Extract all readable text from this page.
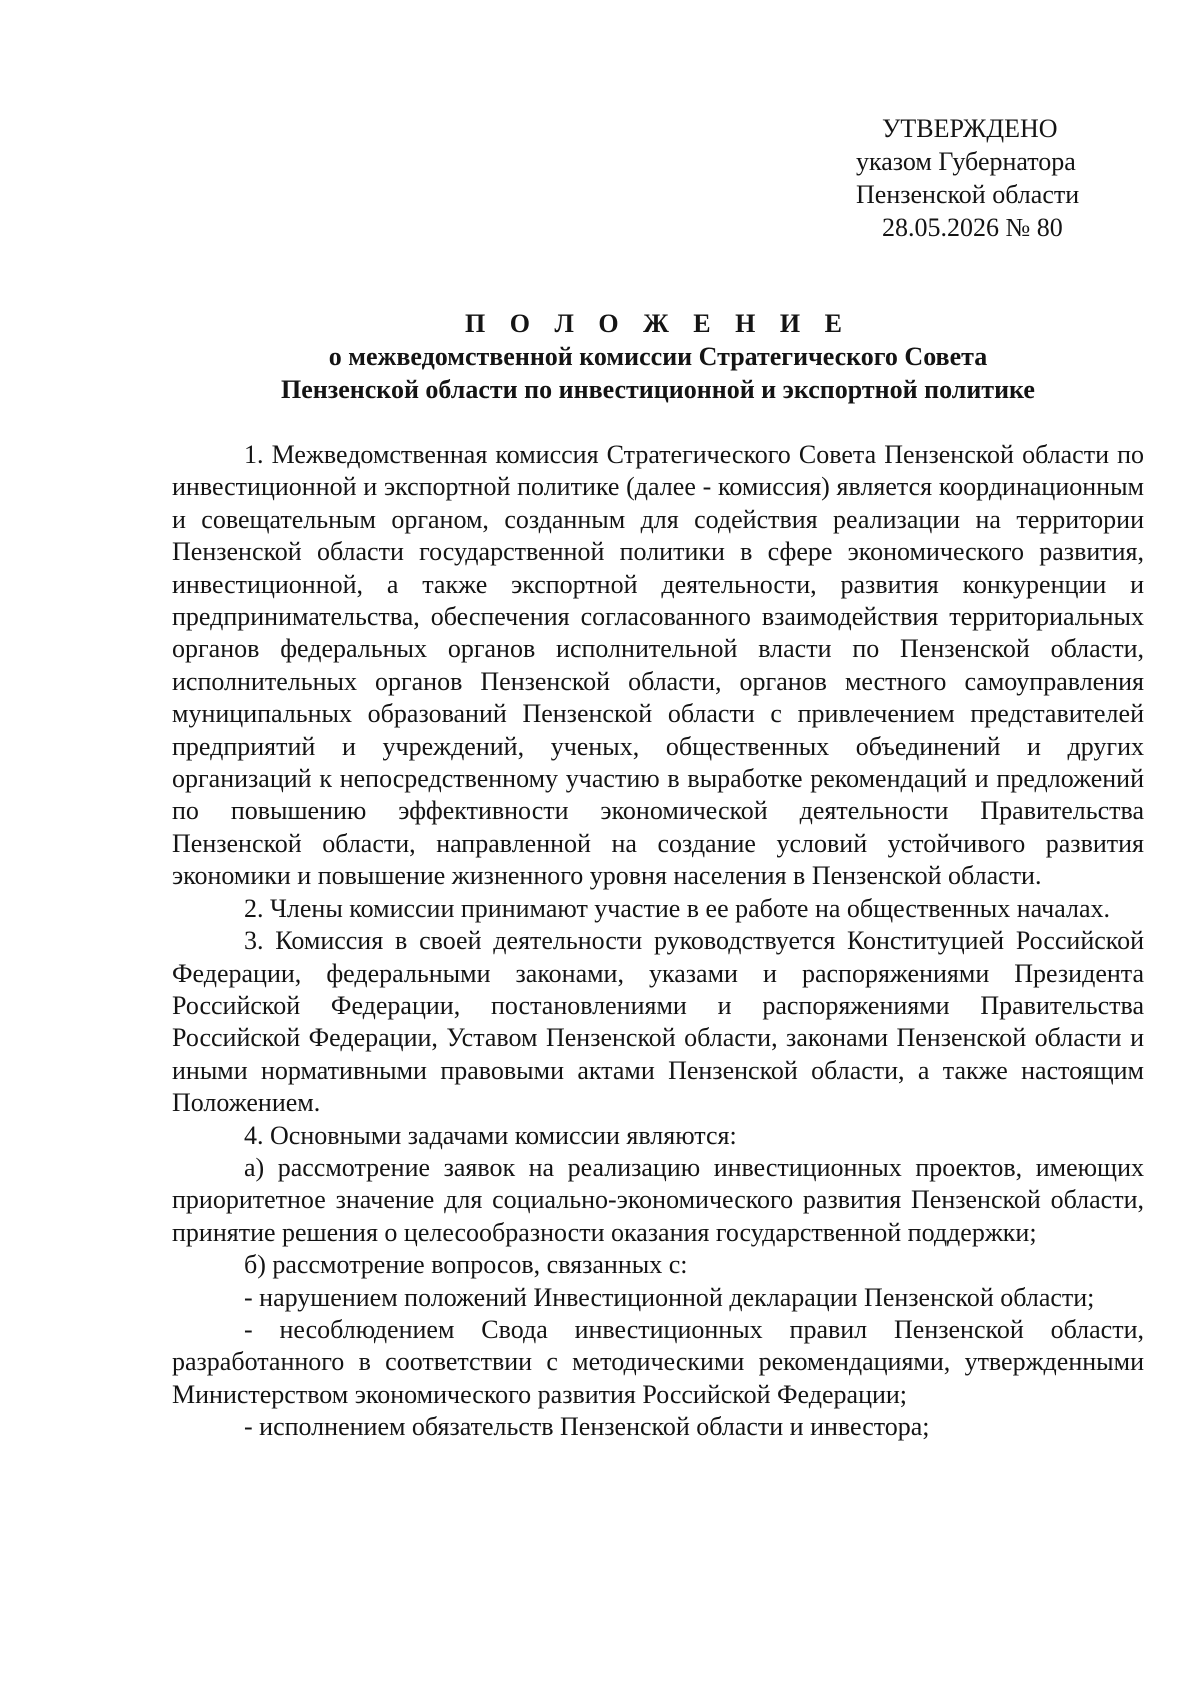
УТВЕРЖДЕНО
указом Губернатора
Пензенской области
28.05.2026 № 80
П О Л О Ж Е Н И Е
о межведомственной комиссии Стратегического Совета
Пензенской области по инвестиционной и экспортной политике

1. Межведомственная комиссия Стратегического Совета Пензенской области по инвестиционной и экспортной политике (далее - комиссия) является координационным и совещательным органом, созданным для содействия реализации на территории Пензенской области государственной политики в сфере экономического развития, инвестиционной, а также экспортной деятельности, развития конкуренции и предпринимательства, обеспечения согласованного взаимодействия территориальных органов федеральных органов исполнительной власти по Пензенской области, исполнительных органов Пензенской области, органов местного самоуправления муниципальных образований Пензенской области с привлечением представителей предприятий и учреждений, ученых, общественных объединений и других организаций к непосредственному участию в выработке рекомендаций и предложений по повышению эффективности экономической деятельности Правительства Пензенской области, направленной на создание условий устойчивого развития экономики и повышение жизненного уровня населения в Пензенской области.

2. Члены комиссии принимают участие в ее работе на общественных началах.

3. Комиссия в своей деятельности руководствуется Конституцией Российской Федерации, федеральными законами, указами и распоряжениями Президента Российской Федерации, постановлениями и распоряжениями Правительства Российской Федерации, Уставом Пензенской области, законами Пензенской области и иными нормативными правовыми актами Пензенской области, а также настоящим Положением.

4. Основными задачами комиссии являются:

а) рассмотрение заявок на реализацию инвестиционных проектов, имеющих приоритетное значение для социально-экономического развития Пензенской области, принятие решения о целесообразности оказания государственной поддержки;

б) рассмотрение вопросов, связанных с:

- нарушением положений Инвестиционной декларации Пензенской области;

- несоблюдением Свода инвестиционных правил Пензенской области, разработанного в соответствии с методическими рекомендациями, утвержденными Министерством экономического развития Российской Федерации;

- исполнением обязательств Пензенской области и инвестора;
